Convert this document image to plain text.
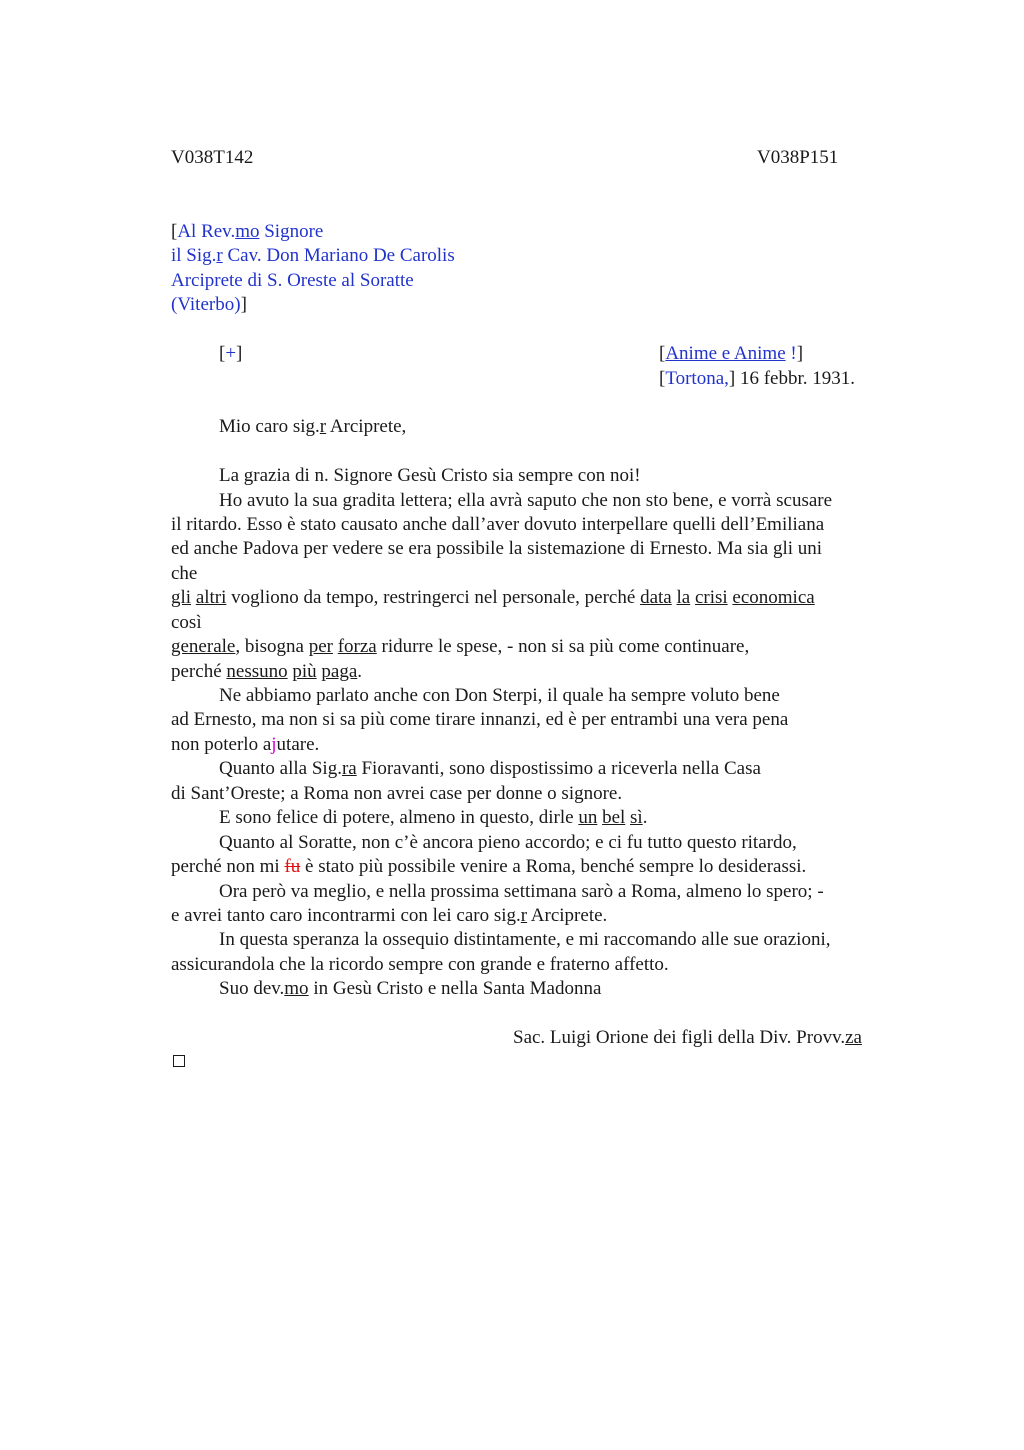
V038T142	V038P151
[Al Rev.mo Signore
il Sig.r Cav. Don Mariano De Carolis
Arciprete di S. Oreste al Soratte
(Viterbo)]
[+]	[Anime e Anime !]
[Tortona,] 16 febbr. 1931.
Mio caro sig.r Arciprete,
La grazia di n. Signore Gesù Cristo sia sempre con noi!
Ho avuto la sua gradita lettera; ella avrà saputo che non sto bene, e vorrà scusare
il ritardo. Esso è stato causato anche dall’aver dovuto interpellare quelli dell’Emiliana
ed anche Padova per vedere se era possibile la sistemazione di Ernesto. Ma sia gli uni
che
gli altri vogliono da tempo, restringerci nel personale, perché data la crisi economica
così
generale, bisogna per forza ridurre le spese, - non si sa più come continuare,
perché nessuno più paga.
Ne abbiamo parlato anche con Don Sterpi, il quale ha sempre voluto bene
ad Ernesto, ma non si sa più come tirare innanzi, ed è per entrambi una vera pena
non poterlo ajutare.
Quanto alla Sig.ra Fioravanti, sono dispostissimo a riceverla nella Casa
di Sant’Oreste; a Roma non avrei case per donne o signore.
E sono felice di potere, almeno in questo, dirle un bel sì.
Quanto al Soratte, non c’è ancora pieno accordo; e ci fu tutto questo ritardo,
perché non mi fu è stato più possibile venire a Roma, benché sempre lo desiderassi.
Ora però va meglio, e nella prossima settimana sarò a Roma, almeno lo spero; -
e avrei tanto caro incontrarmi con lei caro sig.r Arciprete.
In questa speranza la ossequio distintamente, e mi raccomando alle sue orazioni,
assicurandola che la ricordo sempre con grande e fraterno affetto.
Suo dev.mo in Gesù Cristo e nella Santa Madonna
Sac. Luigi Orione dei figli della Div. Provv.za
